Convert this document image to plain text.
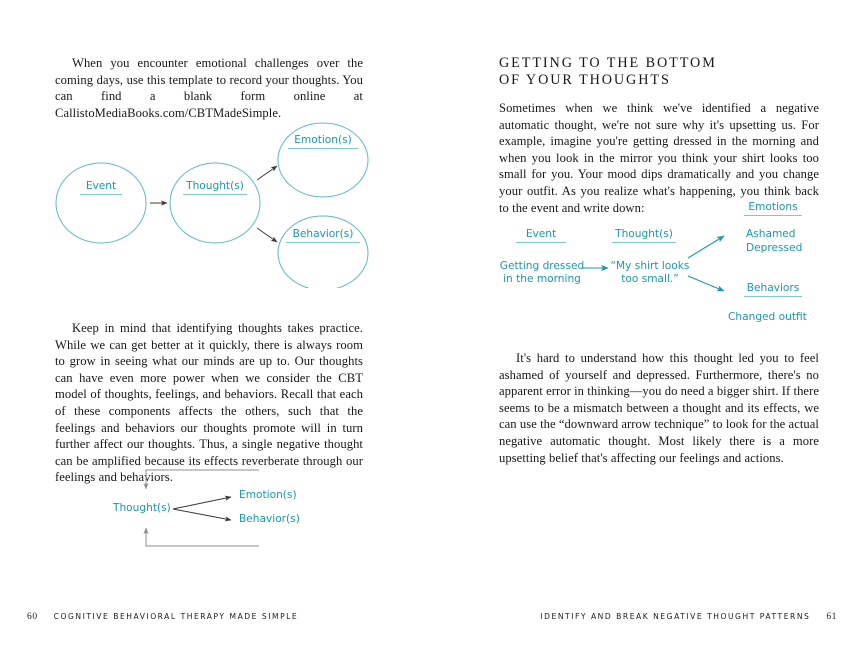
When you encounter emotional challenges over the coming days, use this template to record your thoughts. You can find a blank form online at CallistoMediaBooks.com/CBTMadeSimple.

Event	Thought(s)
Emotion(s)
Behavior(s)

Keep in mind that identifying thoughts takes practice. While we can get better at it quickly, there is always room to grow in seeing what our minds are up to. Our thoughts can have even more power when we consider the CBT model of thoughts, feelings, and behaviors. Recall that each of these components affects the others, such that the feelings and behaviors our thoughts promote will in turn further affect our thoughts. Thus, a single negative thought can be amplified because its effects reverberate through our feelings and behaviors.

Thought(s)
Emotion(s)
Behavior(s)
GETTING TO THE BOTTOM
OF YOUR THOUGHTS

Sometimes when we think we've identified a negative automatic thought, we're not sure why it's upsetting us. For example, imagine you're getting dressed in the morning and when you look in the mirror you think your shirt looks too small for you. Your mood dips dramatically and you change your outfit. As you realize what's happening, you think back to the event and write down:

Event	Thought(s)
Emotions
Behaviors
Getting dressed
in the morning
“My shirt looks
too small.”
Ashamed
Depressed
Changed outfit

It's hard to understand how this thought led you to feel ashamed of yourself and depressed. Furthermore, there's no apparent error in thinking—you do need a bigger shirt. If there seems to be a mismatch between a thought and its effects, we can use the “downward arrow technique” to look for the actual negative automatic thought. Most likely there is a more upsetting belief that's affecting our feelings and actions.

60 COGNITIVE BEHAVIORAL THERAPY MADE SIMPLE	IDENTIFY AND BREAK NEGATIVE THOUGHT PATTERNS 61
